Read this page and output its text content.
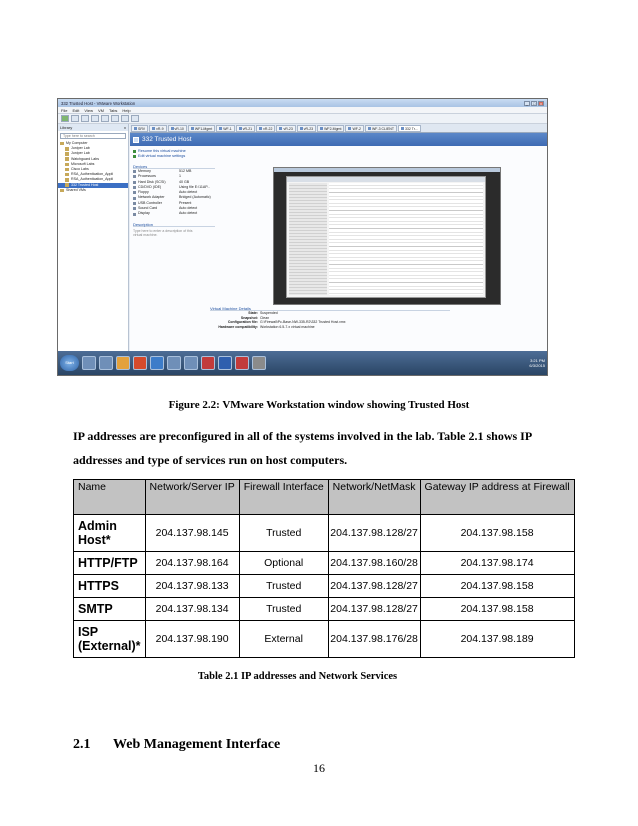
332 Trusted Host - VMware Workstation	_	□	x
File Edit View VM Tabs Help
Library	x
Type here to search
My Computer
Juniper Lab
Juniper Lab
Watchguard Labs
Microsoft Labs
Cisco Labs
RSA_Authentication_Appli
RSA_Authentication_Appli
332 Trusted Host
Shared VMs
SRV	vR-9	vR-10	WF1-Mgmt	WF-1	vR-21	vR-22	vR-23	vR-23	WF2-Mgmt	WF-2	WF-3 CLIENT	332 Tr...
332 Trusted Host
Resume this virtual machine
Edit virtual machine settings
Devices
Memory	512 MB
Processors	1
Hard Disk (SCSI)	40 GB
CD/DVD (IDE)	Using file E:\11AP...
Floppy	Auto detect
Network Adapter	Bridged (Automatic)
USB Controller	Present
Sound Card	Auto detect
Display	Auto detect
Description
Type here to enter a description of this
virtual machine.
Virtual Machine Details
State: Suspended
Snapshot: Clean
Configuration file: G:\Firewall\Pc-Base-NW-335-R2\332 Trusted Host.vmx
Hardware compatibility: Workstation 6.5-7.x virtual machine
Start	3:21 PM
6/3/2015
Figure 2.2: VMware Workstation window showing Trusted Host
IP addresses are preconfigured in all of the systems involved in the lab. Table 2.1 shows IP
addresses and type of services run on host computers.
Name	Network/Server IP	Firewall Interface	Network/NetMask	Gateway IP address at Firewall
Admin Host*	204.137.98.145	Trusted	204.137.98.128/27	204.137.98.158
HTTP/FTP	204.137.98.164	Optional	204.137.98.160/28	204.137.98.174
HTTPS	204.137.98.133	Trusted	204.137.98.128/27	204.137.98.158
SMTP	204.137.98.134	Trusted	204.137.98.128/27	204.137.98.158
ISP (External)*	204.137.98.190	External	204.137.98.176/28	204.137.98.189
Table 2.1 IP addresses and Network Services
2.1 Web Management Interface
16
